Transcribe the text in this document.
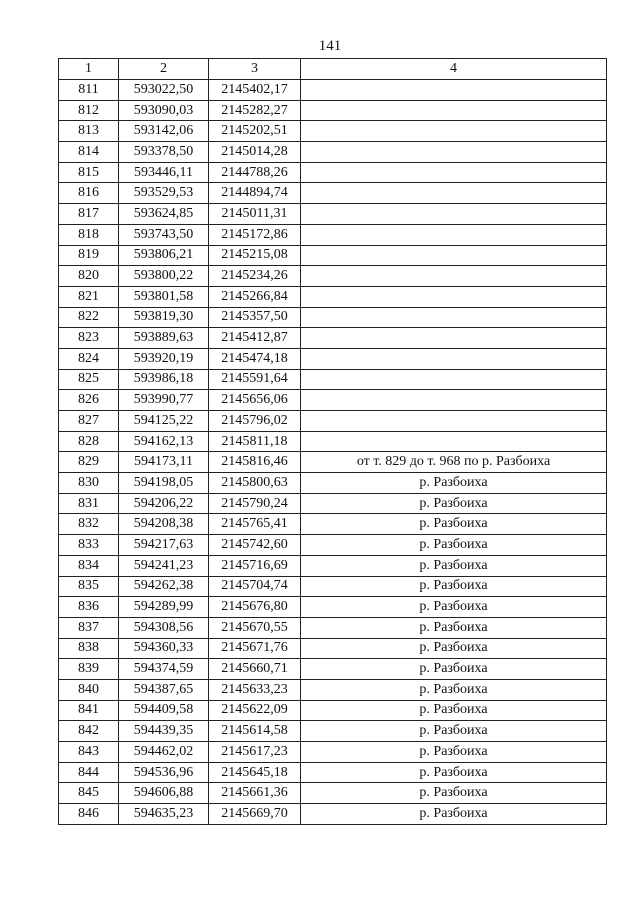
141
1	2	3	4
811	593022,50	2145402,17	
812	593090,03	2145282,27	
813	593142,06	2145202,51	
814	593378,50	2145014,28	
815	593446,11	2144788,26	
816	593529,53	2144894,74	
817	593624,85	2145011,31	
818	593743,50	2145172,86	
819	593806,21	2145215,08	
820	593800,22	2145234,26	
821	593801,58	2145266,84	
822	593819,30	2145357,50	
823	593889,63	2145412,87	
824	593920,19	2145474,18	
825	593986,18	2145591,64	
826	593990,77	2145656,06	
827	594125,22	2145796,02	
828	594162,13	2145811,18	
829	594173,11	2145816,46	от т. 829 до т. 968 по р. Разбоиха
830	594198,05	2145800,63	р. Разбоиха
831	594206,22	2145790,24	р. Разбоиха
832	594208,38	2145765,41	р. Разбоиха
833	594217,63	2145742,60	р. Разбоиха
834	594241,23	2145716,69	р. Разбоиха
835	594262,38	2145704,74	р. Разбоиха
836	594289,99	2145676,80	р. Разбоиха
837	594308,56	2145670,55	р. Разбоиха
838	594360,33	2145671,76	р. Разбоиха
839	594374,59	2145660,71	р. Разбоиха
840	594387,65	2145633,23	р. Разбоиха
841	594409,58	2145622,09	р. Разбоиха
842	594439,35	2145614,58	р. Разбоиха
843	594462,02	2145617,23	р. Разбоиха
844	594536,96	2145645,18	р. Разбоиха
845	594606,88	2145661,36	р. Разбоиха
846	594635,23	2145669,70	р. Разбоиха
